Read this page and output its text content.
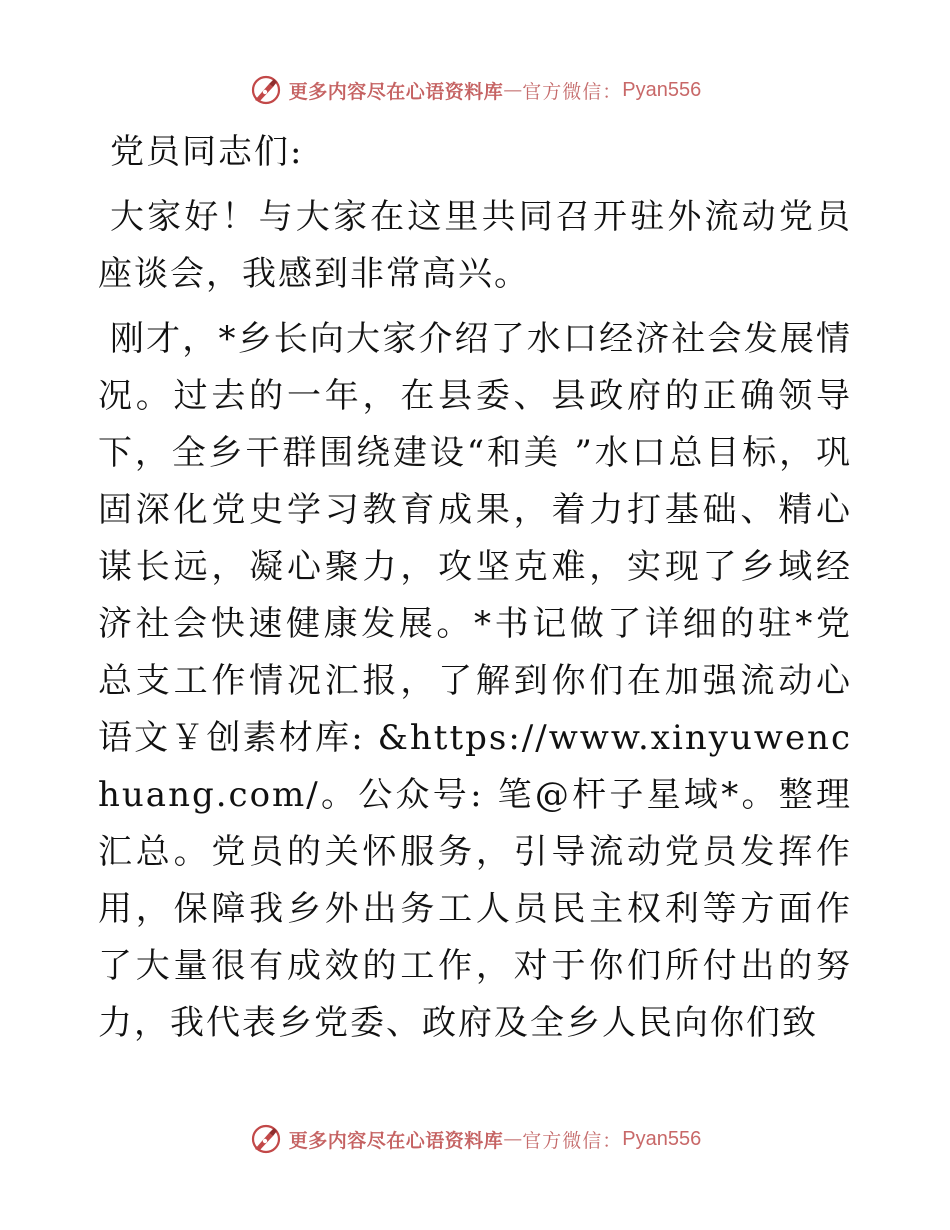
更多内容尽在心语资料库 — 官方微信： Pyan556

党员同志们:

大家好！与大家在这里共同召开驻外流动党员座谈会，我感到非常高兴。

刚才，*乡长向大家介绍了水口经济社会发展情况。过去的一年，在县委、县政府的正确领导下，全乡干群围绕建设“和美 ”水口总目标，巩固深化党史学习教育成果，着力打基础、精心谋长远，凝心聚力，攻坚克难，实现了乡域经济社会快速健康发展。*书记做了详细的驻*党总支工作情况汇报，了解到你们在加强流动心语文￥创素材库: &https://www.xinyuwenchuang.com/。公众号: 笔@杆子星域*。整理汇总。党员的关怀服务，引导流动党员发挥作用，保障我乡外出务工人员民主权利等方面作了大量很有成效的工作，对于你们所付出的努力，我代表乡党委、政府及全乡人民向你们致

更多内容尽在心语资料库 — 官方微信： Pyan556
